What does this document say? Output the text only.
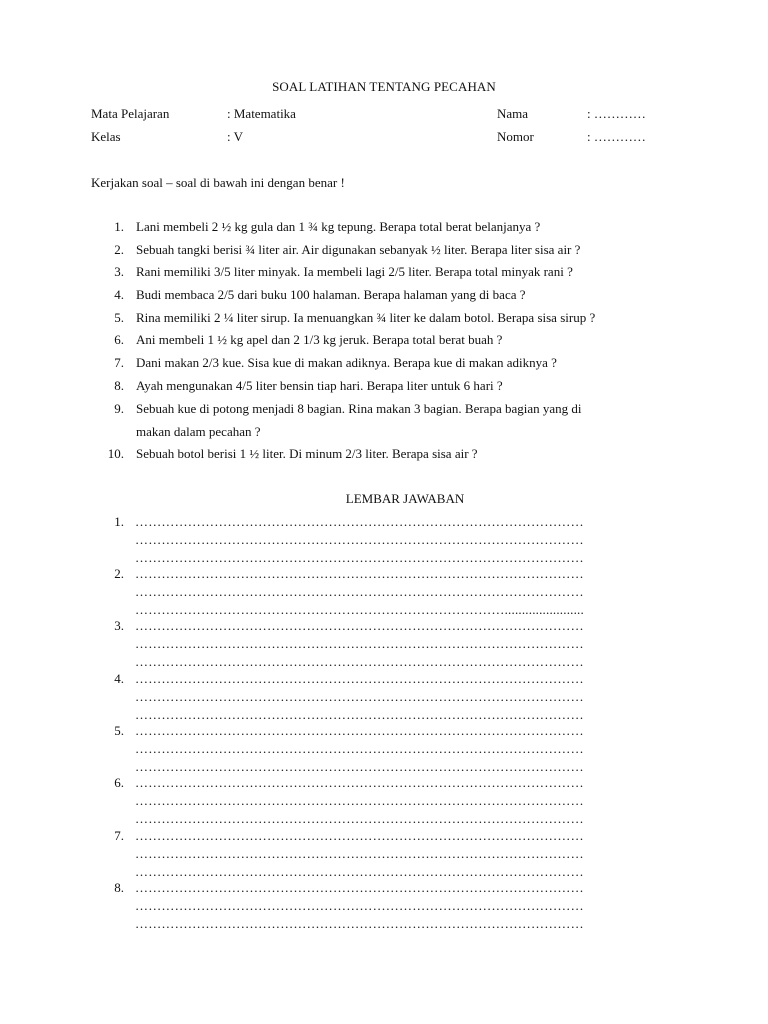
SOAL LATIHAN TENTANG PECAHAN
Mata Pelajaran	: Matematika	Nama	: …………
Kelas	: V	Nomor	: …………
Kerjakan soal – soal di bawah ini dengan benar !
1. Lani membeli 2 ½ kg gula dan 1 ¾ kg tepung. Berapa total berat belanjanya ?
2. Sebuah tangki berisi ¾ liter air. Air digunakan sebanyak ½ liter. Berapa liter sisa air ?
3. Rani memiliki 3/5 liter minyak. Ia membeli lagi 2/5 liter. Berapa total minyak rani ?
4. Budi membaca 2/5 dari buku 100 halaman. Berapa halaman yang di baca ?
5. Rina memiliki 2 ¼ liter sirup. Ia menuangkan ¾ liter ke dalam botol. Berapa sisa sirup ?
6. Ani membeli 1 ½ kg apel dan 2 1/3 kg jeruk. Berapa total berat buah ?
7. Dani makan 2/3 kue. Sisa kue di makan adiknya. Berapa kue di makan adiknya ?
8. Ayah mengunakan 4/5 liter bensin tiap hari. Berapa liter untuk 6 hari ?
9. Sebuah kue di potong menjadi 8 bagian. Rina makan 3 bagian. Berapa bagian yang di
makan dalam pecahan ?
10. Sebuah botol berisi 1 ½ liter. Di minum 2/3 liter. Berapa sisa air ?
LEMBAR JAWABAN
1. …………………………………………………………………………………………
…………………………………………………………………………………………
…………………………………………………………………………………………
2. …………………………………………………………………………………………
…………………………………………………………………………………………
………………………………………………………………………….......................
3. …………………………………………………………………………………………
…………………………………………………………………………………………
…………………………………………………………………………………………
4. …………………………………………………………………………………………
…………………………………………………………………………………………
…………………………………………………………………………………………
5. …………………………………………………………………………………………
…………………………………………………………………………………………
…………………………………………………………………………………………
6. …………………………………………………………………………………………
…………………………………………………………………………………………
…………………………………………………………………………………………
7. …………………………………………………………………………………………
…………………………………………………………………………………………
…………………………………………………………………………………………
8. …………………………………………………………………………………………
…………………………………………………………………………………………
…………………………………………………………………………………………
